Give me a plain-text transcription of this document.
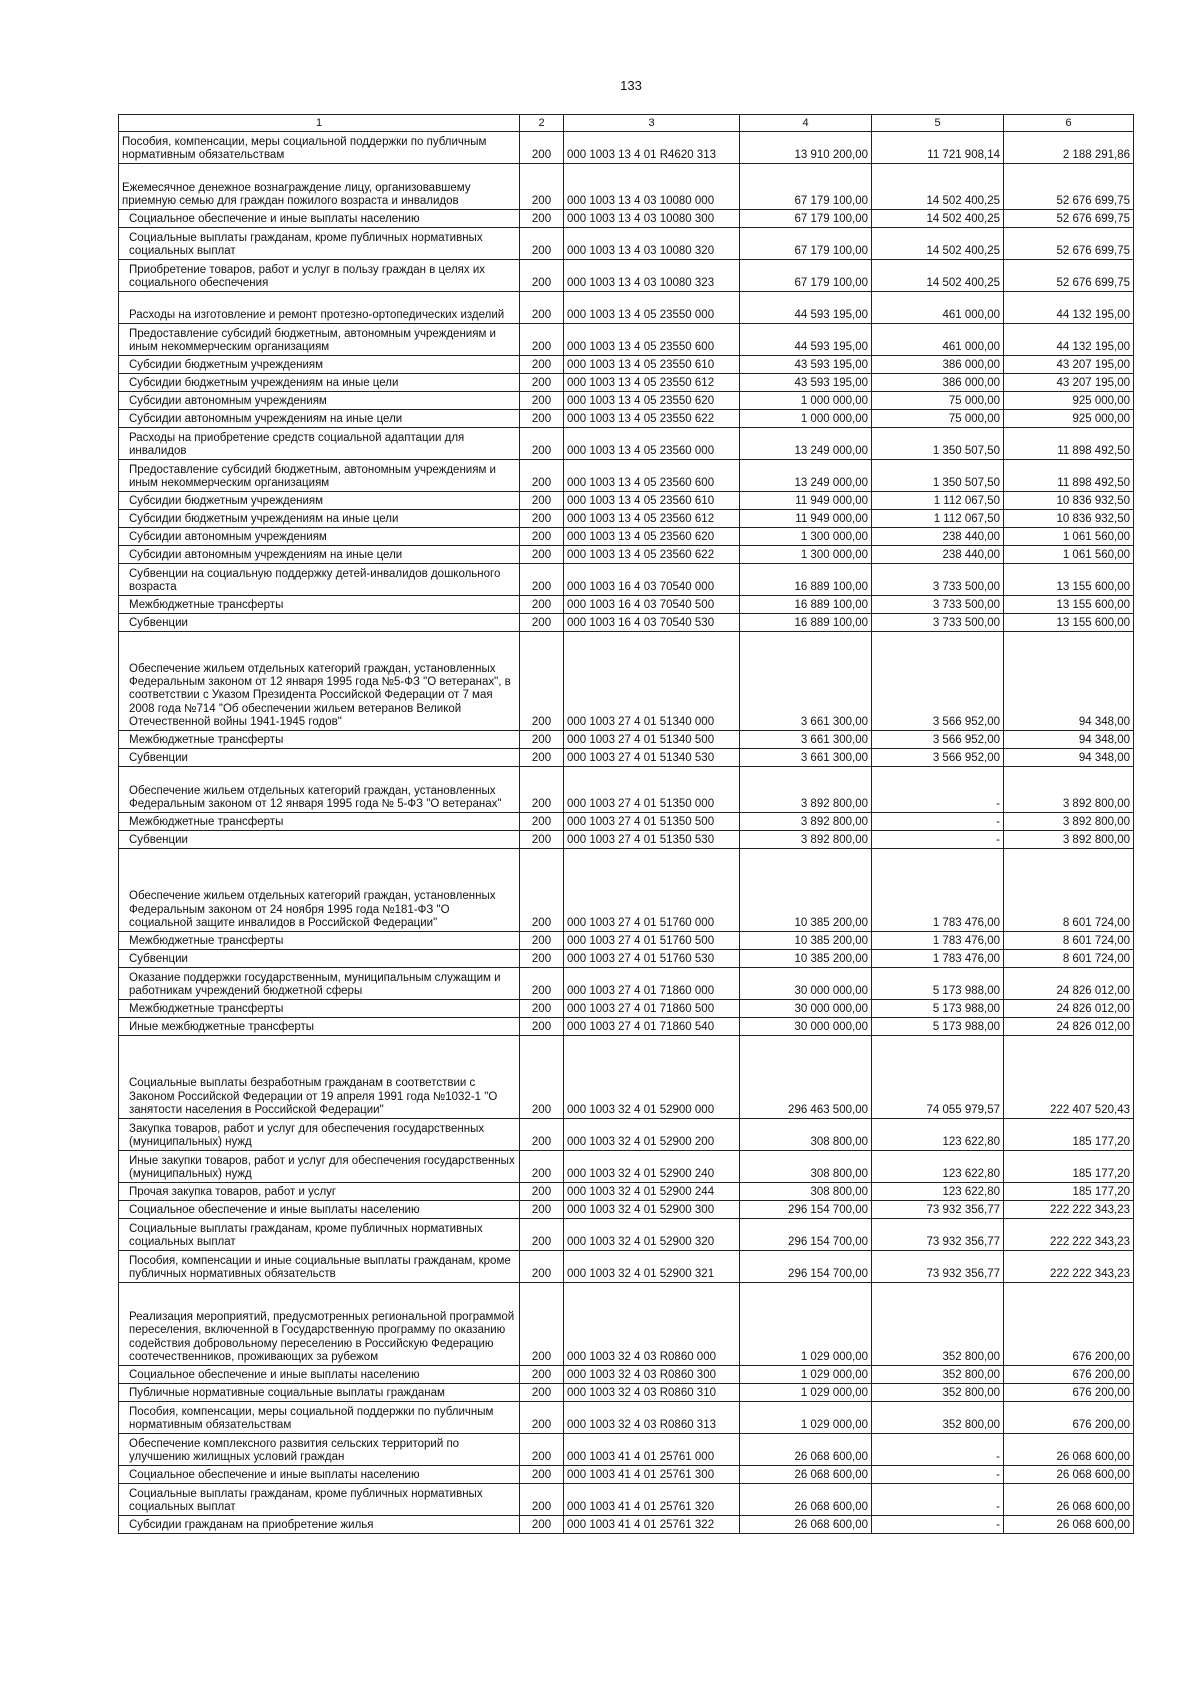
133
1	2	3	4	5	6
Пособия, компенсации, меры социальной поддержки по публичным нормативным обязательствам	200	000 1003 13 4 01 R4620 313	13 910 200,00	11 721 908,14	2 188 291,86
Ежемесячное денежное вознаграждение лицу, организовавшему приемную семью для граждан пожилого возраста и инвалидов	200	000 1003 13 4 03 10080 000	67 179 100,00	14 502 400,25	52 676 699,75
Социальное обеспечение и иные выплаты населению	200	000 1003 13 4 03 10080 300	67 179 100,00	14 502 400,25	52 676 699,75
Социальные выплаты гражданам, кроме публичных нормативных социальных выплат	200	000 1003 13 4 03 10080 320	67 179 100,00	14 502 400,25	52 676 699,75
Приобретение товаров, работ и услуг в пользу граждан в целях их социального обеспечения	200	000 1003 13 4 03 10080 323	67 179 100,00	14 502 400,25	52 676 699,75
Расходы на изготовление и ремонт протезно-ортопедических изделий	200	000 1003 13 4 05 23550 000	44 593 195,00	461 000,00	44 132 195,00
Предоставление субсидий бюджетным, автономным учреждениям и иным некоммерческим организациям	200	000 1003 13 4 05 23550 600	44 593 195,00	461 000,00	44 132 195,00
Субсидии бюджетным учреждениям	200	000 1003 13 4 05 23550 610	43 593 195,00	386 000,00	43 207 195,00
Субсидии бюджетным учреждениям на иные цели	200	000 1003 13 4 05 23550 612	43 593 195,00	386 000,00	43 207 195,00
Субсидии автономным учреждениям	200	000 1003 13 4 05 23550 620	1 000 000,00	75 000,00	925 000,00
Субсидии автономным учреждениям на иные цели	200	000 1003 13 4 05 23550 622	1 000 000,00	75 000,00	925 000,00
Расходы на приобретение средств социальной адаптации для инвалидов	200	000 1003 13 4 05 23560 000	13 249 000,00	1 350 507,50	11 898 492,50
Предоставление субсидий бюджетным, автономным учреждениям и иным некоммерческим организациям	200	000 1003 13 4 05 23560 600	13 249 000,00	1 350 507,50	11 898 492,50
Субсидии бюджетным учреждениям	200	000 1003 13 4 05 23560 610	11 949 000,00	1 112 067,50	10 836 932,50
Субсидии бюджетным учреждениям на иные цели	200	000 1003 13 4 05 23560 612	11 949 000,00	1 112 067,50	10 836 932,50
Субсидии автономным учреждениям	200	000 1003 13 4 05 23560 620	1 300 000,00	238 440,00	1 061 560,00
Субсидии автономным учреждениям на иные цели	200	000 1003 13 4 05 23560 622	1 300 000,00	238 440,00	1 061 560,00
Субвенции на социальную поддержку детей-инвалидов дошкольного возраста	200	000 1003 16 4 03 70540 000	16 889 100,00	3 733 500,00	13 155 600,00
Межбюджетные трансферты	200	000 1003 16 4 03 70540 500	16 889 100,00	3 733 500,00	13 155 600,00
Субвенции	200	000 1003 16 4 03 70540 530	16 889 100,00	3 733 500,00	13 155 600,00
Обеспечение жильем отдельных категорий граждан, установленных Федеральным законом от 12 января 1995 года №5-ФЗ "О ветеранах", в соответствии с Указом Президента Российской Федерации от 7 мая 2008 года №714 "Об обеспечении жильем ветеранов Великой Отечественной войны 1941-1945 годов"	200	000 1003 27 4 01 51340 000	3 661 300,00	3 566 952,00	94 348,00
Межбюджетные трансферты	200	000 1003 27 4 01 51340 500	3 661 300,00	3 566 952,00	94 348,00
Субвенции	200	000 1003 27 4 01 51340 530	3 661 300,00	3 566 952,00	94 348,00
Обеспечение жильем отдельных категорий граждан, установленных Федеральным законом от 12 января 1995 года № 5-ФЗ "О ветеранах"	200	000 1003 27 4 01 51350 000	3 892 800,00	-	3 892 800,00
Межбюджетные трансферты	200	000 1003 27 4 01 51350 500	3 892 800,00	-	3 892 800,00
Субвенции	200	000 1003 27 4 01 51350 530	3 892 800,00	-	3 892 800,00
Обеспечение жильем отдельных категорий граждан, установленных Федеральным законом от 24 ноября 1995 года №181-ФЗ "О социальной защите инвалидов в Российской Федерации"	200	000 1003 27 4 01 51760 000	10 385 200,00	1 783 476,00	8 601 724,00
Межбюджетные трансферты	200	000 1003 27 4 01 51760 500	10 385 200,00	1 783 476,00	8 601 724,00
Субвенции	200	000 1003 27 4 01 51760 530	10 385 200,00	1 783 476,00	8 601 724,00
Оказание поддержки государственным, муниципальным служащим и работникам учреждений бюджетной сферы	200	000 1003 27 4 01 71860 000	30 000 000,00	5 173 988,00	24 826 012,00
Межбюджетные трансферты	200	000 1003 27 4 01 71860 500	30 000 000,00	5 173 988,00	24 826 012,00
Иные межбюджетные трансферты	200	000 1003 27 4 01 71860 540	30 000 000,00	5 173 988,00	24 826 012,00
Социальные выплаты безработным гражданам в соответствии с Законом Российской Федерации от 19 апреля 1991 года №1032-1 "О занятости населения в Российской Федерации"	200	000 1003 32 4 01 52900 000	296 463 500,00	74 055 979,57	222 407 520,43
Закупка товаров, работ и услуг для обеспечения государственных (муниципальных) нужд	200	000 1003 32 4 01 52900 200	308 800,00	123 622,80	185 177,20
Иные закупки товаров, работ и услуг для обеспечения государственных (муниципальных) нужд	200	000 1003 32 4 01 52900 240	308 800,00	123 622,80	185 177,20
Прочая закупка товаров, работ и услуг	200	000 1003 32 4 01 52900 244	308 800,00	123 622,80	185 177,20
Социальное обеспечение и иные выплаты населению	200	000 1003 32 4 01 52900 300	296 154 700,00	73 932 356,77	222 222 343,23
Социальные выплаты гражданам, кроме публичных нормативных социальных выплат	200	000 1003 32 4 01 52900 320	296 154 700,00	73 932 356,77	222 222 343,23
Пособия, компенсации и иные социальные выплаты гражданам, кроме публичных нормативных обязательств	200	000 1003 32 4 01 52900 321	296 154 700,00	73 932 356,77	222 222 343,23
Реализация мероприятий, предусмотренных региональной программой переселения, включенной в Государственную программу по оказанию содействия добровольному переселению в Российскую Федерацию соотечественников, проживающих за рубежом	200	000 1003 32 4 03 R0860 000	1 029 000,00	352 800,00	676 200,00
Социальное обеспечение и иные выплаты населению	200	000 1003 32 4 03 R0860 300	1 029 000,00	352 800,00	676 200,00
Публичные нормативные социальные выплаты гражданам	200	000 1003 32 4 03 R0860 310	1 029 000,00	352 800,00	676 200,00
Пособия, компенсации, меры социальной поддержки по публичным нормативным обязательствам	200	000 1003 32 4 03 R0860 313	1 029 000,00	352 800,00	676 200,00
Обеспечение комплексного развития сельских территорий по улучшению жилищных условий граждан	200	000 1003 41 4 01 25761 000	26 068 600,00	-	26 068 600,00
Социальное обеспечение и иные выплаты населению	200	000 1003 41 4 01 25761 300	26 068 600,00	-	26 068 600,00
Социальные выплаты гражданам, кроме публичных нормативных социальных выплат	200	000 1003 41 4 01 25761 320	26 068 600,00	-	26 068 600,00
Субсидии гражданам на приобретение жилья	200	000 1003 41 4 01 25761 322	26 068 600,00	-	26 068 600,00
